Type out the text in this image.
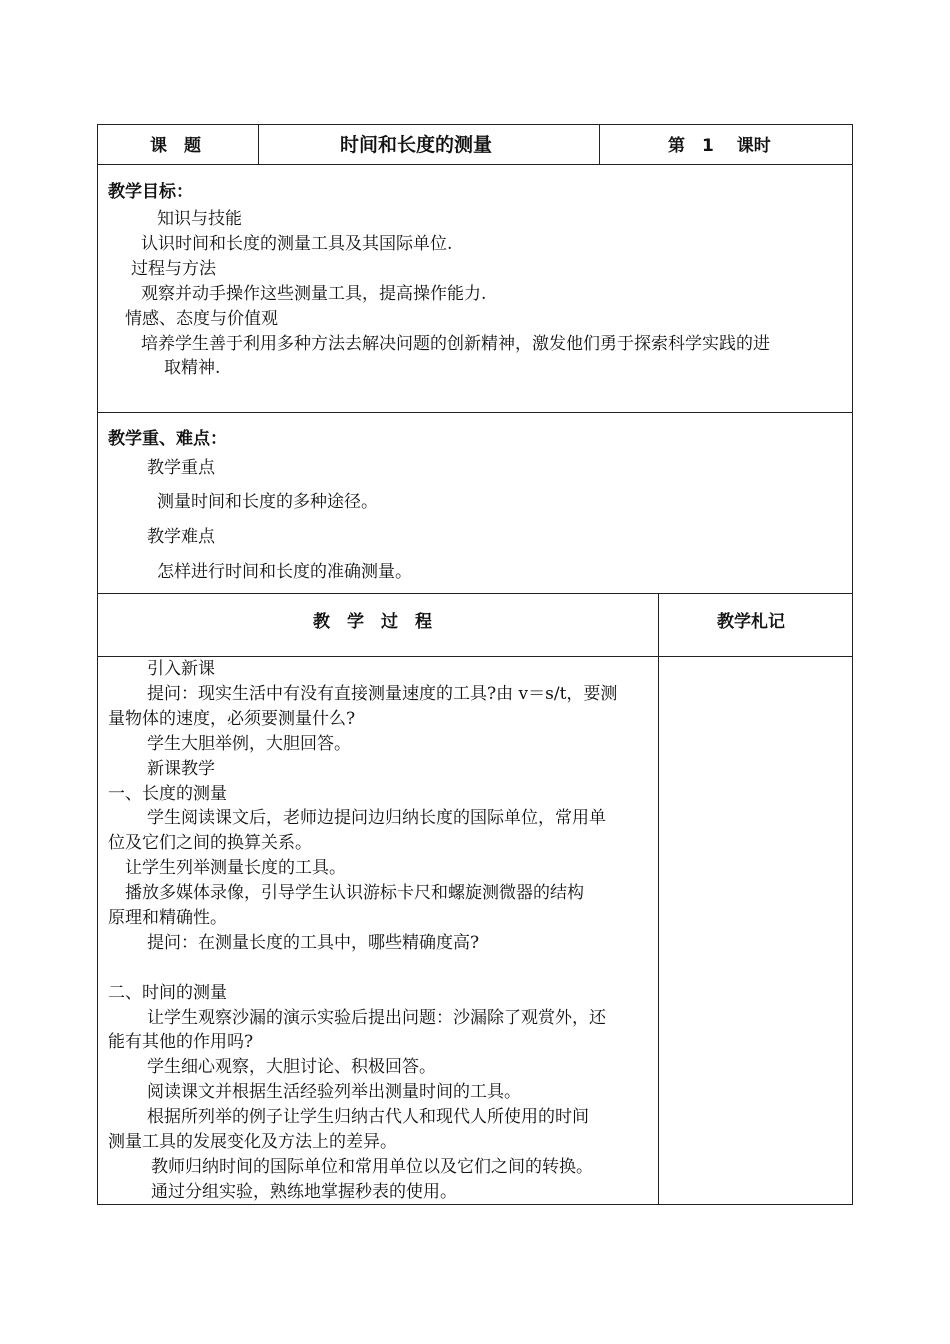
课　题	时间和长度的测量	第　1　 课时
教学目标：
知识与技能
认识时间和长度的测量工具及其国际单位.
过程与方法
观察并动手操作这些测量工具，提高操作能力.
情感、态度与价值观
培养学生善于利用多种方法去解决问题的创新精神，激发他们勇于探索科学实践的进
取精神.
教学重、难点：
教学重点
测量时间和长度的多种途径。
教学难点
怎样进行时间和长度的准确测量。
教　学　过　程	教学札记
引入新课
提问：现实生活中有没有直接测量速度的工具?由 v＝s/t，要测
量物体的速度，必须要测量什么?
学生大胆举例，大胆回答。
新课教学
一、长度的测量
学生阅读课文后，老师边提问边归纳长度的国际单位，常用单
位及它们之间的换算关系。
让学生列举测量长度的工具。
播放多媒体录像，引导学生认识游标卡尺和螺旋测微器的结构
原理和精确性。
提问：在测量长度的工具中，哪些精确度高?
二、时间的测量
让学生观察沙漏的演示实验后提出问题：沙漏除了观赏外，还
能有其他的作用吗?
学生细心观察，大胆讨论、积极回答。
阅读课文并根据生活经验列举出测量时间的工具。
根据所列举的例子让学生归纳古代人和现代人所使用的时间
测量工具的发展变化及方法上的差异。
教师归纳时间的国际单位和常用单位以及它们之间的转换。
通过分组实验，熟练地掌握秒表的使用。
